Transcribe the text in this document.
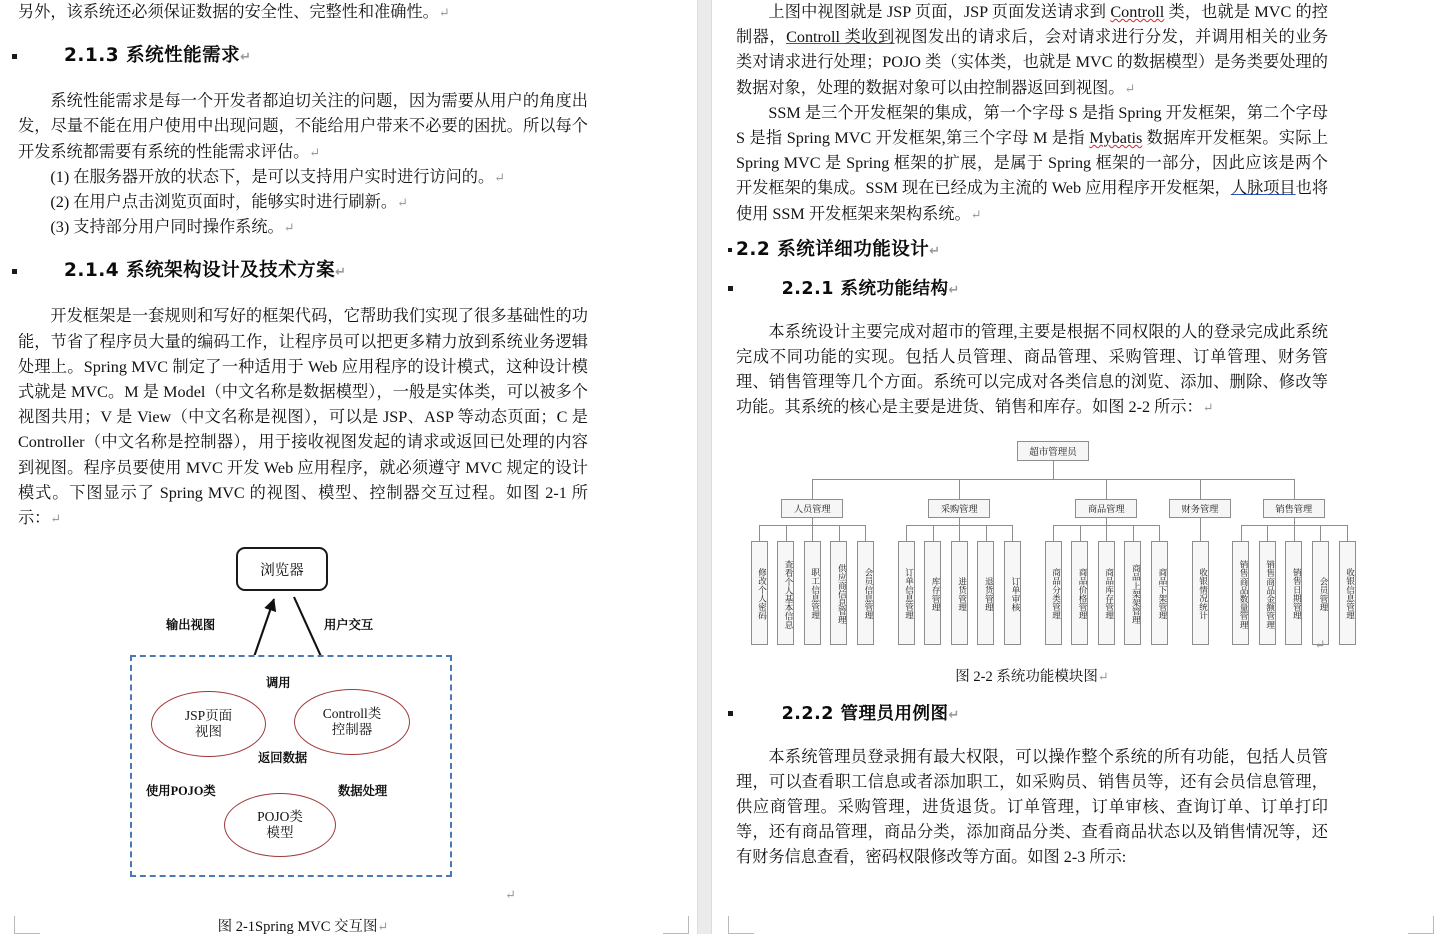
另外，该系统还必须保证数据的安全性、完整性和准确性。↵

2.1.3 系统性能需求↵

系统性能需求是每一个开发者都迫切关注的问题，因为需要从用户的角度出发，尽量不能在用户使用中出现问题，不能给用户带来不必要的困扰。所以每个开发系统都需要有系统的性能需求评估。↵

(1) 在服务器开放的状态下，是可以支持用户实时进行访问的。↵

(2) 在用户点击浏览页面时，能够实时进行刷新。↵

(3) 支持部分用户同时操作系统。↵

2.1.4 系统架构设计及技术方案↵

开发框架是一套规则和写好的框架代码，它帮助我们实现了很多基础性的功能，节省了程序员大量的编码工作，让程序员可以把更多精力放到系统业务逻辑处理上。Spring MVC 制定了一种适用于 Web 应用程序的设计模式，这种设计模式就是 MVC。M 是 Model（中文名称是数据模型），一般是实体类，可以被多个视图共用；V 是 View（中文名称是视图），可以是 JSP、ASP 等动态页面；C 是 Controller（中文名称是控制器），用于接收视图发起的请求或返回已处理的内容到视图。程序员要使用 MVC 开发 Web 应用程序，就必须遵守 MVC 规定的设计模式。下图显示了 Spring MVC 的视图、模型、控制器交互过程。如图 2-1 所示：↵

浏览器
JSP页面
视图
Controll类
控制器
POJO类
模型
输出视图	用户交互
调用
返回数据
使用POJO类	数据处理
↵
图 2-1Spring MVC 交互图↵

上图中视图就是 JSP 页面，JSP 页面发送请求到 Controll 类，也就是 MVC 的控制器，Controll 类收到视图发出的请求后，会对请求进行分发，并调用相关的业务类对请求进行处理；POJO 类（实体类，也就是 MVC 的数据模型）是务类要处理的数据对象，处理的数据对象可以由控制器返回到视图。↵

SSM 是三个开发框架的集成，第一个字母 S 是指 Spring 开发框架，第二个字母 S 是指 Spring MVC 开发框架,第三个字母 M 是指 Mybatis 数据库开发框架。实际上 Spring MVC 是 Spring 框架的扩展，是属于 Spring 框架的一部分，因此应该是两个开发框架的集成。SSM 现在已经成为主流的 Web 应用程序开发框架，人脉项目也将使用 SSM 开发框架来架构系统。↵

2.2 系统详细功能设计↵
2.2.1 系统功能结构↵

本系统设计主要完成对超市的管理,主要是根据不同权限的人的登录完成此系统完成不同功能的实现。包括人员管理、商品管理、采购管理、订单管理、财务管理、销售管理等几个方面。系统可以完成对各类信息的浏览、添加、删除、修改等功能。其系统的核心是主要是进货、销售和库存。如图 2-2 所示：↵

修改个人密码	查看个人基本信息	职工信息管理	供应商信息管理	会员信息管理
人员管理
订单信息管理	库存管理	进货管理	退货管理	订单审核
采购管理
商品分类管理	商品价格管理	商品库存管理	商品上架架管理	商品下架管理
商品管理
收银情况统计
财务管理
销售商品数量管理	销售商品金额管理	销售日期管理	会员管理	收银信息管理
销售管理
超市管理员
↵
图 2-2 系统功能模块图↵
2.2.2 管理员用例图↵

本系统管理员登录拥有最大权限，可以操作整个系统的所有功能，包括人员管理，可以查看职工信息或者添加职工，如采购员、销售员等，还有会员信息管理，供应商管理。采购管理，进货退货。订单管理，订单审核、查询订单、订单打印等，还有商品管理，商品分类，添加商品分类、查看商品状态以及销售情况等，还有财务信息查看，密码权限修改等方面。如图 2-3 所示:
